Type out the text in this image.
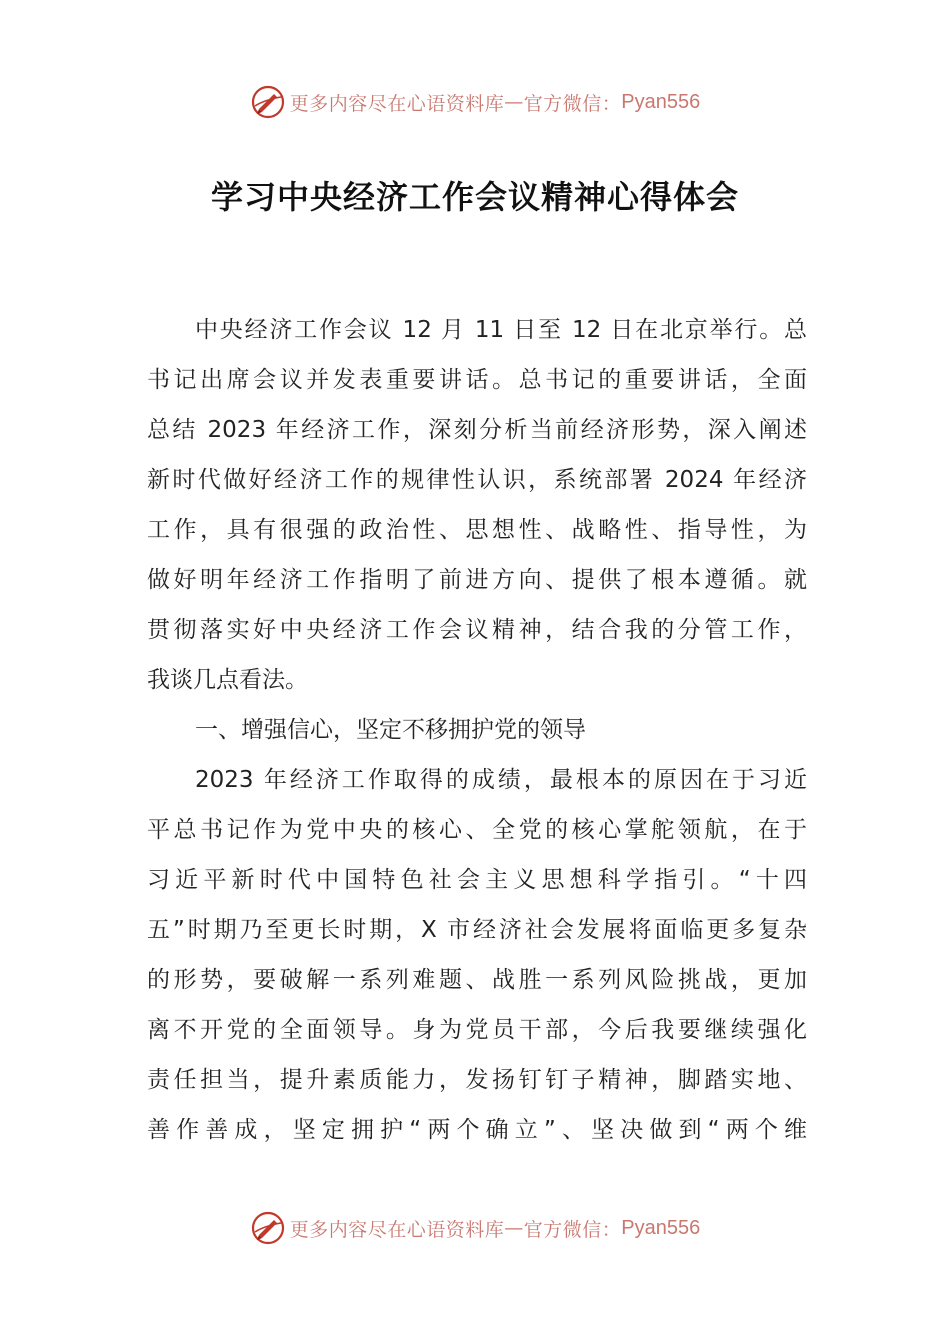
更多内容尽在心语资料库 — 官方微信： Pyan556
学习中央经济工作会议精神心得体会
中央经济工作会议 12 月 11 日至 12 日在北京举行。总
书记出席会议并发表重要讲话。总书记的重要讲话，全面
总结 2023 年经济工作，深刻分析当前经济形势，深入阐述
新时代做好经济工作的规律性认识，系统部署 2024 年经济
工作，具有很强的政治性、思想性、战略性、指导性，为
做好明年经济工作指明了前进方向、提供了根本遵循。就
贯彻落实好中央经济工作会议精神，结合我的分管工作，
我谈几点看法。
一、增强信心，坚定不移拥护党的领导
2023 年经济工作取得的成绩，最根本的原因在于习近
平总书记作为党中央的核心、全党的核心掌舵领航，在于
习近平新时代中国特色社会主义思想科学指引。“十四
五”时期乃至更长时期，X 市经济社会发展将面临更多复杂
的形势，要破解一系列难题、战胜一系列风险挑战，更加
离不开党的全面领导。身为党员干部，今后我要继续强化
责任担当，提升素质能力，发扬钉钉子精神，脚踏实地、
善作善成，坚定拥护“两个确立”、坚决做到“两个维
更多内容尽在心语资料库 — 官方微信： Pyan556
